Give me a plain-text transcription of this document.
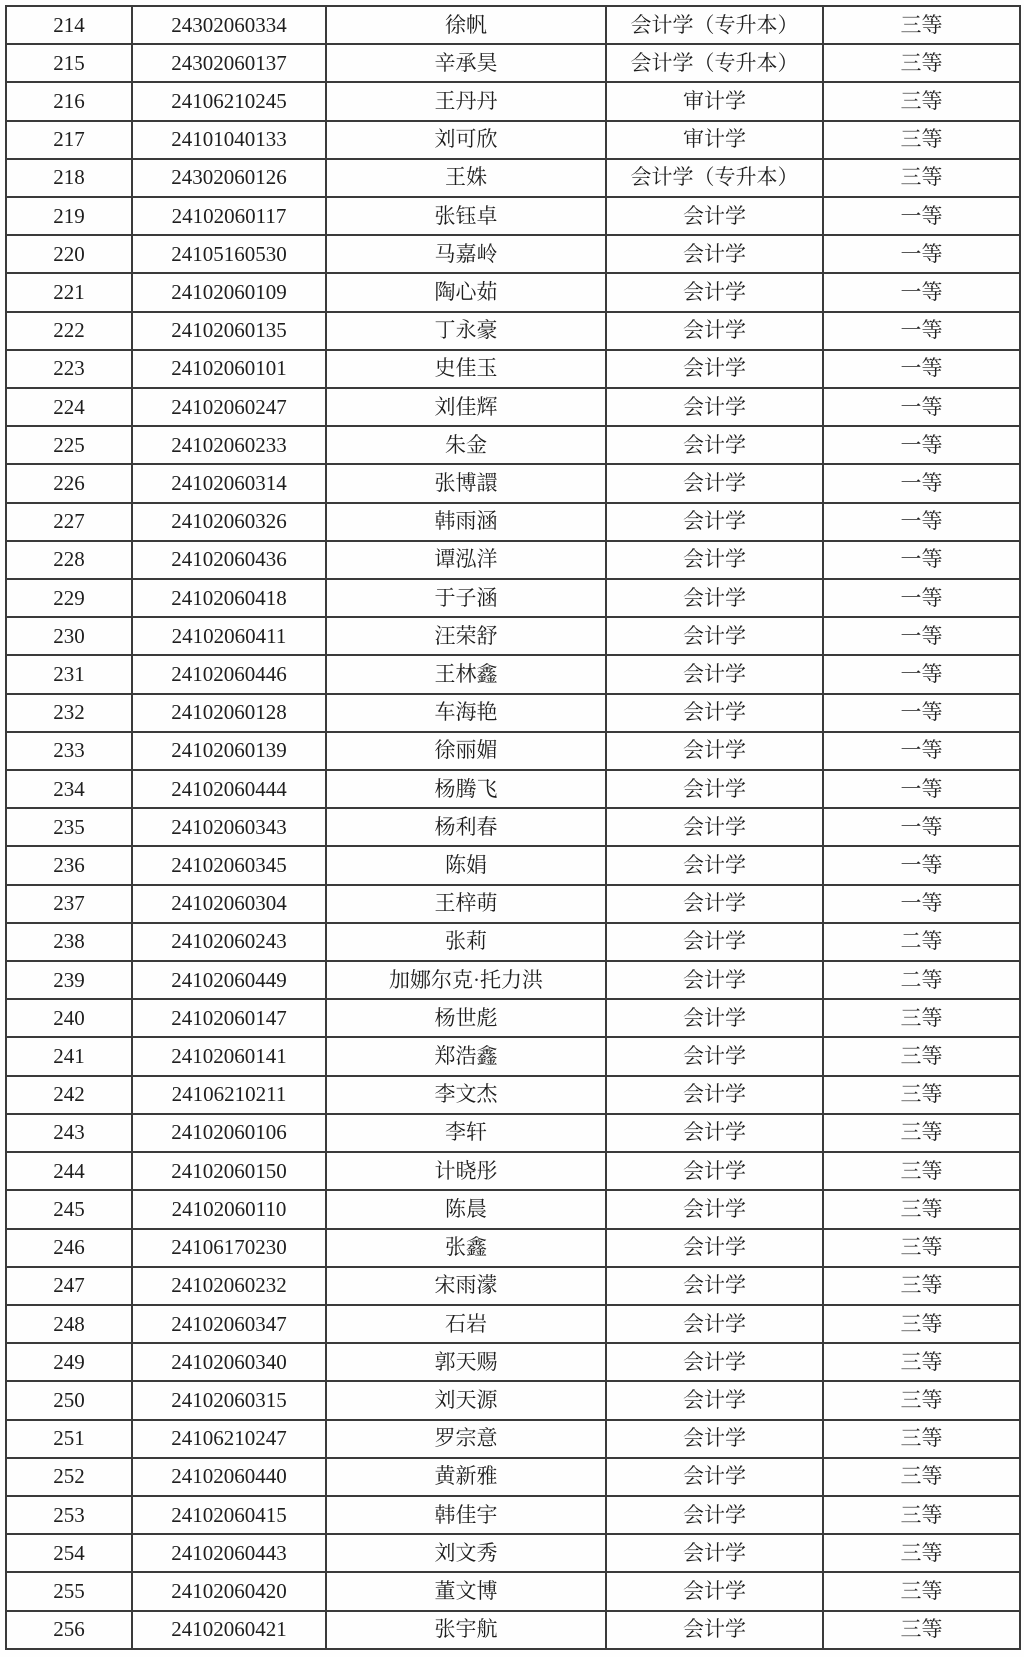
214	24302060334	徐帆	会计学（专升本）	三等
215	24302060137	辛承昊	会计学（专升本）	三等
216	24106210245	王丹丹	审计学	三等
217	24101040133	刘可欣	审计学	三等
218	24302060126	王姝	会计学（专升本）	三等
219	24102060117	张钰卓	会计学	一等
220	24105160530	马嘉岭	会计学	一等
221	24102060109	陶心茹	会计学	一等
222	24102060135	丁永豪	会计学	一等
223	24102060101	史佳玉	会计学	一等
224	24102060247	刘佳辉	会计学	一等
225	24102060233	朱金	会计学	一等
226	24102060314	张博譞	会计学	一等
227	24102060326	韩雨涵	会计学	一等
228	24102060436	谭泓洋	会计学	一等
229	24102060418	于子涵	会计学	一等
230	24102060411	汪荣舒	会计学	一等
231	24102060446	王林鑫	会计学	一等
232	24102060128	车海艳	会计学	一等
233	24102060139	徐丽媚	会计学	一等
234	24102060444	杨腾飞	会计学	一等
235	24102060343	杨利春	会计学	一等
236	24102060345	陈娟	会计学	一等
237	24102060304	王梓萌	会计学	一等
238	24102060243	张莉	会计学	二等
239	24102060449	加娜尔克·托力洪	会计学	二等
240	24102060147	杨世彪	会计学	三等
241	24102060141	郑浩鑫	会计学	三等
242	24106210211	李文杰	会计学	三等
243	24102060106	李轩	会计学	三等
244	24102060150	计晓彤	会计学	三等
245	24102060110	陈晨	会计学	三等
246	24106170230	张鑫	会计学	三等
247	24102060232	宋雨濛	会计学	三等
248	24102060347	石岩	会计学	三等
249	24102060340	郭天赐	会计学	三等
250	24102060315	刘天源	会计学	三等
251	24106210247	罗宗意	会计学	三等
252	24102060440	黄新雅	会计学	三等
253	24102060415	韩佳宇	会计学	三等
254	24102060443	刘文秀	会计学	三等
255	24102060420	董文博	会计学	三等
256	24102060421	张宇航	会计学	三等
